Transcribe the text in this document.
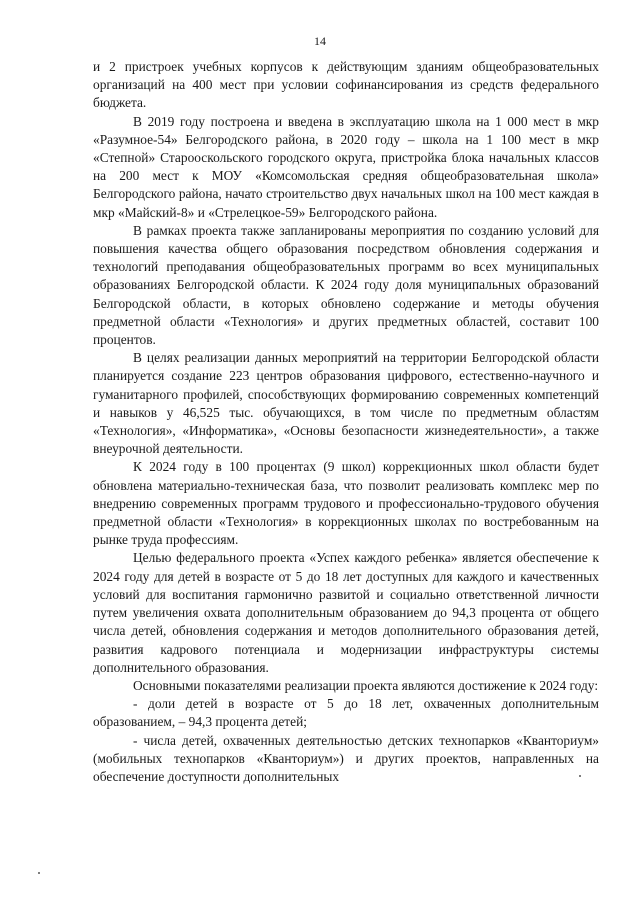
14

и 2 пристроек учебных корпусов к действующим зданиям общеобразовательных организаций на 400 мест при условии софинансирования из средств федерального бюджета.

В 2019 году построена и введена в эксплуатацию школа на 1 000 мест в мкр «Разумное-54» Белгородского района, в 2020 году – школа на 1 100 мест в мкр «Степной» Старооскольского городского округа, пристройка блока начальных классов на 200 мест к МОУ «Комсомольская средняя общеобразовательная школа» Белгородского района, начато строительство двух начальных школ на 100 мест каждая в мкр «Майский-8» и «Стрелецкое-59» Белгородского района.

В рамках проекта также запланированы мероприятия по созданию условий для повышения качества общего образования посредством обновления содержания и технологий преподавания общеобразовательных программ во всех муниципальных образованиях Белгородской области. К 2024 году доля муниципальных образований Белгородской области, в которых обновлено содержание и методы обучения предметной области «Технология» и других предметных областей, составит 100 процентов.

В целях реализации данных мероприятий на территории Белгородской области планируется создание 223 центров образования цифрового, естественно-научного и гуманитарного профилей, способствующих формированию современных компетенций и навыков у 46,525 тыс. обучающихся, в том числе по предметным областям «Технология», «Информатика», «Основы безопасности жизнедеятельности», а также внеурочной деятельности.

К 2024 году в 100 процентах (9 школ) коррекционных школ области будет обновлена материально-техническая база, что позволит реализовать комплекс мер по внедрению современных программ трудового и профессионально-трудового обучения предметной области «Технология» в коррекционных школах по востребованным на рынке труда профессиям.

Целью федерального проекта «Успех каждого ребенка» является обеспечение к 2024 году для детей в возрасте от 5 до 18 лет доступных для каждого и качественных условий для воспитания гармонично развитой и социально ответственной личности путем увеличения охвата дополнительным образованием до 94,3 процента от общего числа детей, обновления содержания и методов дополнительного образования детей, развития кадрового потенциала и модернизации инфраструктуры системы дополнительного образования.

Основными показателями реализации проекта являются достижение к 2024 году:

- доли детей в возрасте от 5 до 18 лет, охваченных дополнительным образованием, – 94,3 процента детей;

- числа детей, охваченных деятельностью детских технопарков «Кванториум» (мобильных технопарков «Кванториум») и других проектов, направленных на обеспечение доступности дополнительных
